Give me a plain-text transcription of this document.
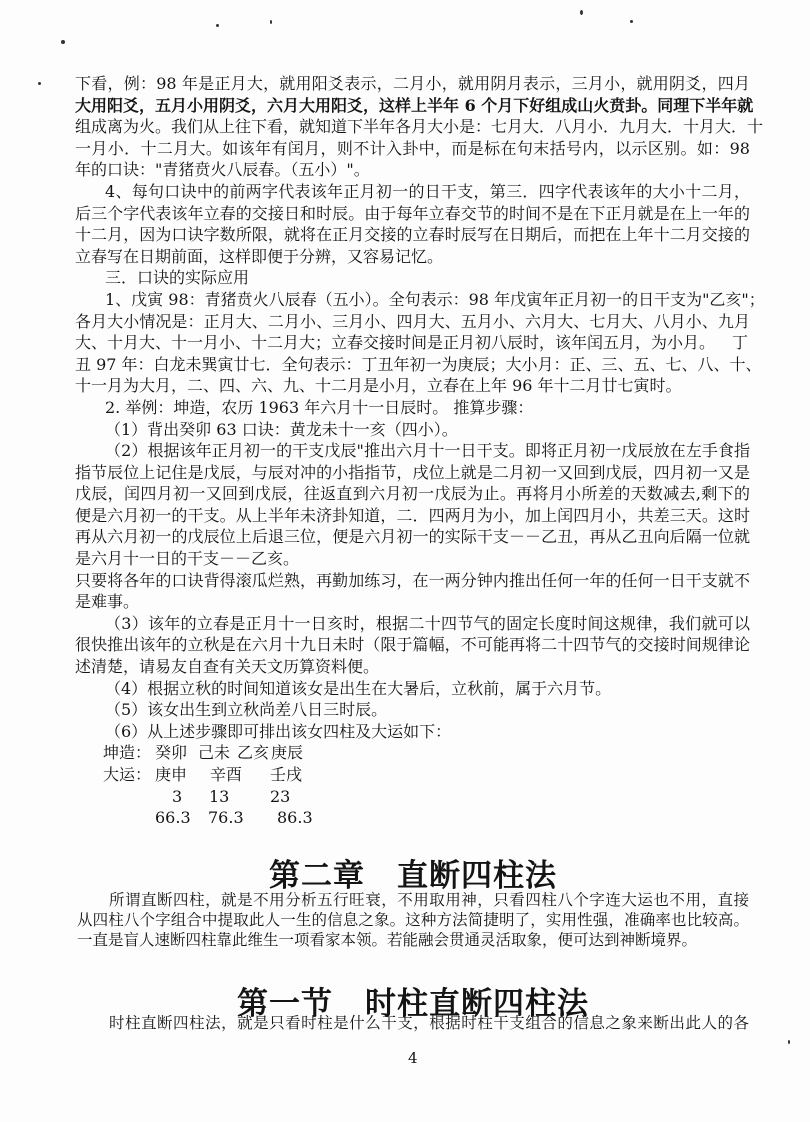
下看，例：98 年是正月大，就用阳爻表示，二月小，就用阴月表示，三月小，就用阴爻，四月
大用阳爻，五月小用阴爻，六月大用阳爻，这样上半年 6 个月下好组成山火贲卦。同理下半年就
组成离为火。我们从上往下看，就知道下半年各月大小是：七月大．八月小．九月大．十月大．十
一月小．十二月大。如该年有闰月，则不计入卦中，而是标在句末括号内，以示区别。如：98
年的口诀："青猪贲火八辰春。（五小）"。
4、每句口诀中的前两字代表该年正月初一的日干支，第三．四字代表该年的大小十二月，
后三个字代表该年立春的交接日和时辰。由于每年立春交节的时间不是在下正月就是在上一年的
十二月，因为口诀字数所限，就将在正月交接的立春时辰写在日期后，而把在上年十二月交接的
立春写在日期前面，这样即便于分辨，又容易记忆。
三．口诀的实际应用
1、戊寅 98：青猪贲火八辰春（五小）。全句表示：98 年戊寅年正月初一的日干支为"乙亥"；
各月大小情况是：正月大、二月小、三月小、四月大、五月小、六月大、七月大、八月小、九月
大、十月大、十一月小、十二月大；立春交接时间是正月初八辰时，该年闰五月，为小月。 丁
丑 97 年：白龙未巽寅廿七．全句表示：丁丑年初一为庚辰；大小月：正、三、五、七、八、十、
十一月为大月，二、四、六、九、十二月是小月，立春在上年 96 年十二月廿七寅时。
2. 举例：坤造，农历 1963 年六月十一日辰时。 推算步骤：
（1）背出癸卯 63 口诀：黄龙未十一亥（四小）。
（2）根据该年正月初一的干支戊辰"推出六月十一日干支。即将正月初一戊辰放在左手食指
指节辰位上记住是戊辰，与辰对冲的小指指节，戌位上就是二月初一又回到戊辰，四月初一又是
戊辰，闰四月初一又回到戊辰，往返直到六月初一戊辰为止。再将月小所差的天数减去,剩下的
便是六月初一的干支。从上半年未济卦知道，二．四两月为小，加上闰四月小，共差三天。这时
再从六月初一的戊辰位上后退三位，便是六月初一的实际干支－－乙丑，再从乙丑向后隔一位就
是六月十一日的干支－－乙亥。
只要将各年的口诀背得滚瓜烂熟，再勤加练习，在一两分钟内推出任何一年的任何一日干支就不
是难事。
（3）该年的立春是正月十一日亥时，根据二十四节气的固定长度时间这规律，我们就可以
很快推出该年的立秋是在六月十九日未时（限于篇幅，不可能再将二十四节气的交接时间规律论
述清楚，请易友自查有关天文历算资料便。
（4）根据立秋的时间知道该女是出生在大暑后，立秋前，属于六月节。
（5）该女出生到立秋尚差八日三时辰。
（6）从上述步骤即可排出该女四柱及大运如下：
坤造： 癸卯 己未 乙亥 庚辰
大运： 庚申 辛酉 壬戌
3 13	23
66.3 76.3 86.3
第二章　直断四柱法
所谓直断四柱，就是不用分析五行旺衰，不用取用神，只看四柱八个字连大运也不用，直接
从四柱八个字组合中提取此人一生的信息之象。这种方法简捷明了，实用性强，准确率也比较高。
一直是盲人速断四柱靠此维生一项看家本领。若能融会贯通灵活取象，便可达到神断境界。
第一节　时柱直断四柱法
时柱直断四柱法，就是只看时柱是什么干支，根据时柱干支组合的信息之象来断出此人的各
4
